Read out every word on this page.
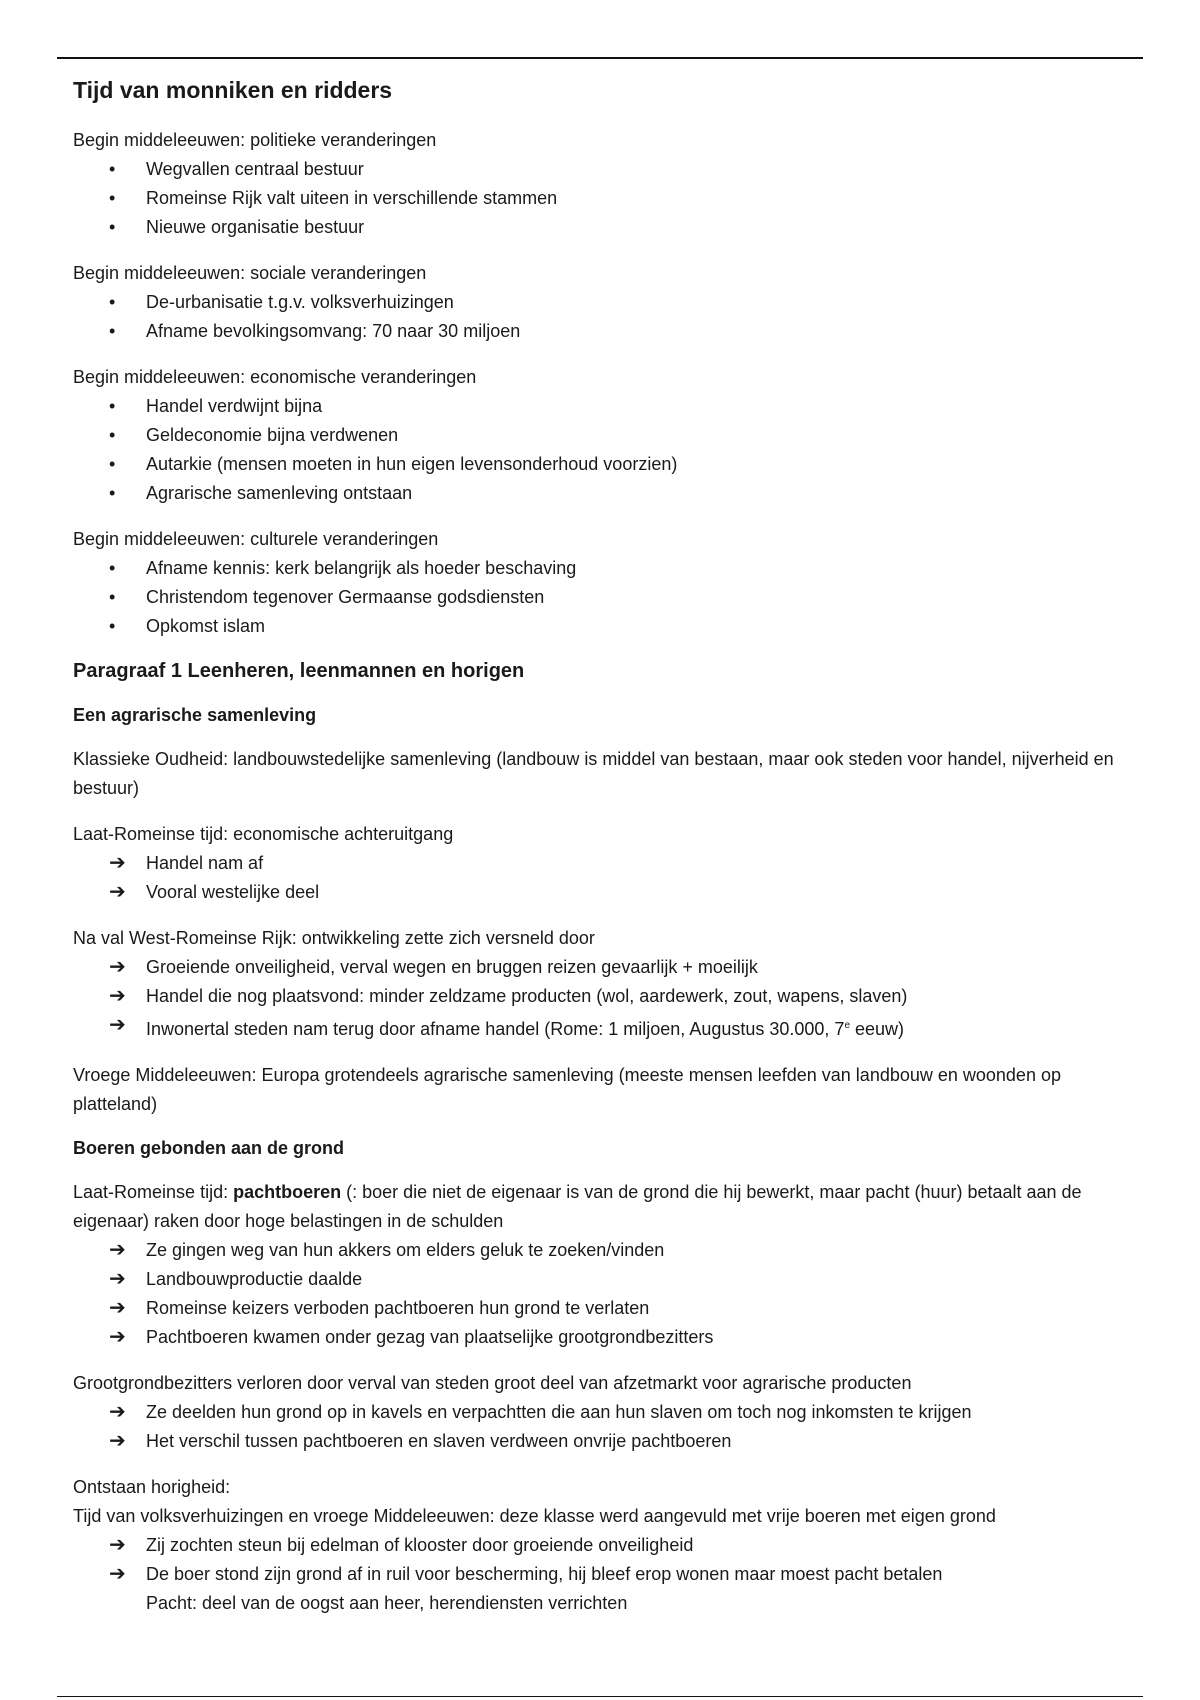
Tijd van monniken en ridders

Begin middeleeuwen: politieke veranderingen

•	Wegvallen centraal bestuur
•	Romeinse Rijk valt uiteen in verschillende stammen
•	Nieuwe organisatie bestuur

Begin middeleeuwen: sociale veranderingen

•	De-urbanisatie t.g.v. volksverhuizingen
•	Afname bevolkingsomvang: 70 naar 30 miljoen

Begin middeleeuwen: economische veranderingen

•	Handel verdwijnt bijna
•	Geldeconomie bijna verdwenen
•	Autarkie (mensen moeten in hun eigen levensonderhoud voorzien)
•	Agrarische samenleving ontstaan

Begin middeleeuwen: culturele veranderingen

•	Afname kennis: kerk belangrijk als hoeder beschaving
•	Christendom tegenover Germaanse godsdiensten
•	Opkomst islam
Paragraaf 1 Leenheren, leenmannen en horigen
Een agrarische samenleving

Klassieke Oudheid: landbouwstedelijke samenleving (landbouw is middel van bestaan, maar ook steden voor handel, nijverheid en bestuur)

Laat-Romeinse tijd: economische achteruitgang

➔	Handel nam af
➔	Vooral westelijke deel

Na val West-Romeinse Rijk: ontwikkeling zette zich versneld door

➔	Groeiende onveiligheid, verval wegen en bruggen reizen gevaarlijk + moeilijk
➔	Handel die nog plaatsvond: minder zeldzame producten (wol, aardewerk, zout, wapens, slaven)
➔	Inwonertal steden nam terug door afname handel (Rome: 1 miljoen, Augustus 30.000, 7e eeuw)

Vroege Middeleeuwen: Europa grotendeels agrarische samenleving (meeste mensen leefden van landbouw en woonden op platteland)

Boeren gebonden aan de grond

Laat-Romeinse tijd: pachtboeren (: boer die niet de eigenaar is van de grond die hij bewerkt, maar pacht (huur) betaalt aan de eigenaar) raken door hoge belastingen in de schulden

➔	Ze gingen weg van hun akkers om elders geluk te zoeken/vinden
➔	Landbouwproductie daalde
➔	Romeinse keizers verboden pachtboeren hun grond te verlaten
➔	Pachtboeren kwamen onder gezag van plaatselijke grootgrondbezitters

Grootgrondbezitters verloren door verval van steden groot deel van afzetmarkt voor agrarische producten

➔	Ze deelden hun grond op in kavels en verpachtten die aan hun slaven om toch nog inkomsten te krijgen
➔	Het verschil tussen pachtboeren en slaven verdween onvrije pachtboeren

Ontstaan horigheid:

Tijd van volksverhuizingen en vroege Middeleeuwen: deze klasse werd aangevuld met vrije boeren met eigen grond

➔	Zij zochten steun bij edelman of klooster door groeiende onveiligheid
➔	De boer stond zijn grond af in ruil voor bescherming, hij bleef erop wonen maar moest pacht betalen
Pacht: deel van de oogst aan heer, herendiensten verrichten
